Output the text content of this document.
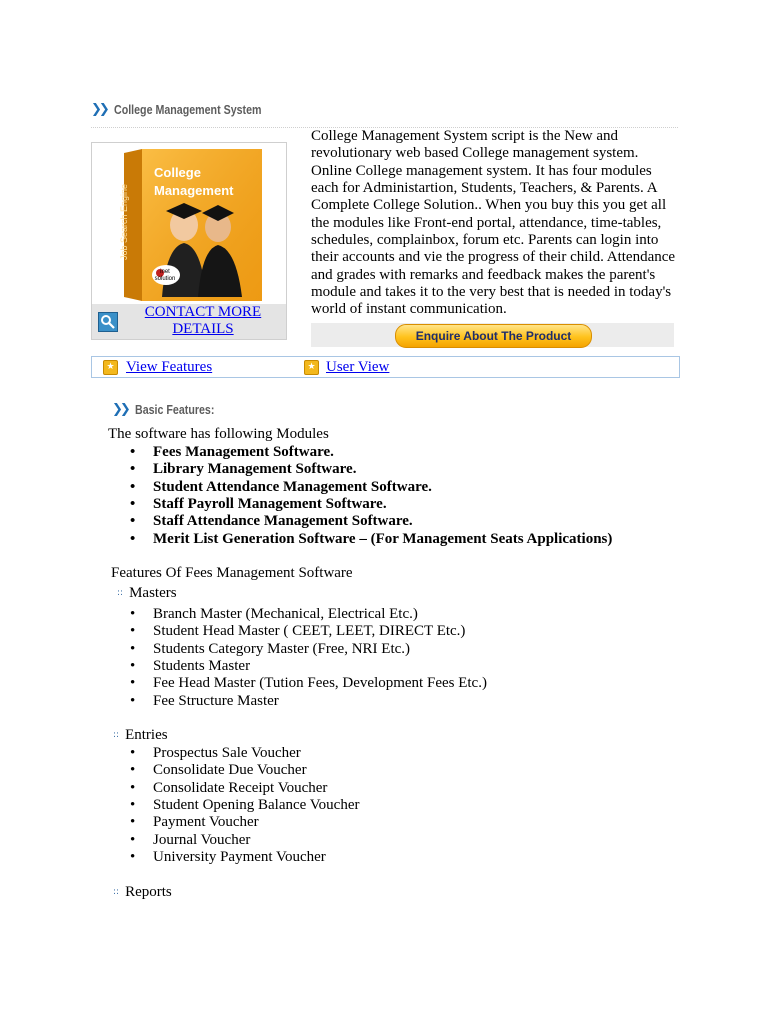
❯❯ College Management System
College
Management
Job Search Engine
inet solution
CONTACT MORE DETAILS
College Management System script is the New and revolutionary web based College management system. Online College management system. It has four modules each for Administartion, Students, Teachers, & Parents. A Complete College Solution.. When you buy this you get all the modules like Front-end portal, attendance, time-tables, schedules, complainbox, forum etc. Parents can login into their accounts and vie the progress of their child. Attendance and grades with remarks and feedback makes the parent's module and takes it to the very best that is needed in today's world of instant communication.
Enquire About The Product
★ View Features	★ User View
❯❯ Basic Features:
The software has following Modules
• Fees Management Software.
• Library Management Software.
• Student Attendance Management Software.
• Staff Payroll Management Software.
• Staff Attendance Management Software.
• Merit List Generation Software – (For Management Seats Applications)
Features Of Fees Management Software
:: Masters
• Branch Master (Mechanical, Electrical Etc.)
• Student Head Master ( CEET, LEET, DIRECT Etc.)
• Students Category Master (Free, NRI Etc.)
• Students Master
• Fee Head Master (Tution Fees, Development Fees Etc.)
• Fee Structure Master
:: Entries
• Prospectus Sale Voucher
• Consolidate Due Voucher
• Consolidate Receipt Voucher
• Student Opening Balance Voucher
• Payment Voucher
• Journal Voucher
• University Payment Voucher
:: Reports
